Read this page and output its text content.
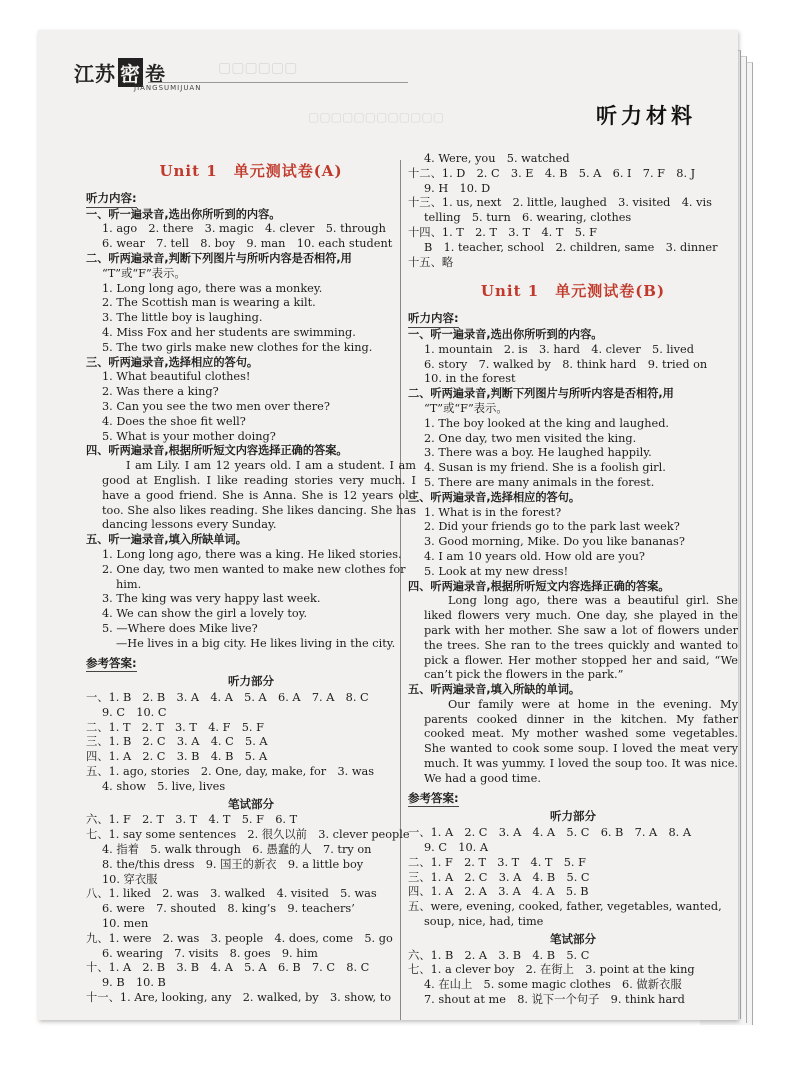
▢▢▢▢▢▢
▢▢▢▢▢▢▢▢▢▢▢▢
江苏 密 卷
JIANGSUMIJUAN
听力材料
Unit 1　单元测试卷(A)
听力内容:
一、听一遍录音,选出你所听到的内容。
1. ago　2. there　3. magic　4. clever　5. through
6. wear　7. tell　8. boy　9. man　10. each student
二、听两遍录音,判断下列图片与所听内容是否相符,用
“T”或“F”表示。
1. Long long ago, there was a monkey.
2. The Scottish man is wearing a kilt.
3. The little boy is laughing.
4. Miss Fox and her students are swimming.
5. The two girls make new clothes for the king.
三、听两遍录音,选择相应的答句。
1. What beautiful clothes!
2. Was there a king?
3. Can you see the two men over there?
4. Does the shoe fit well?
5. What is your mother doing?
四、听两遍录音,根据所听短文内容选择正确的答案。
I am Lily. I am 12 years old. I am a student. I am good at English. I like reading stories very much. I have a good friend. She is Anna. She is 12 years old too. She also likes reading. She likes dancing. She has dancing lessons every Sunday.
五、听一遍录音,填入所缺单词。
1. Long long ago, there was a king. He liked stories.
2. One day, two men wanted to make new clothes for
him.
3. The king was very happy last week.
4. We can show the girl a lovely toy.
5. —Where does Mike live?
—He lives in a big city. He likes living in the city.
参考答案:
听力部分
一、1. B　2. B　3. A　4. A　5. A　6. A　7. A　8. C
9. C　10. C
二、1. T　2. T　3. T　4. F　5. F
三、1. B　2. C　3. A　4. C　5. A
四、1. A　2. C　3. B　4. B　5. A
五、1. ago, stories　2. One, day, make, for　3. was
4. show　5. live, lives
笔试部分
六、1. F　2. T　3. T　4. T　5. F　6. T
七、1. say some sentences　2. 很久以前　3. clever people
4. 指着　5. walk through　6. 愚蠢的人　7. try on
8. the/this dress　9. 国王的新衣　9. a little boy
10. 穿衣服
八、1. liked　2. was　3. walked　4. visited　5. was
6. were　7. shouted　8. king’s　9. teachers’
10. men
九、1. were　2. was　3. people　4. does, come　5. go
6. wearing　7. visits　8. goes　9. him
十、1. A　2. B　3. B　4. A　5. A　6. B　7. C　8. C
9. B　10. B
十一、1. Are, looking, any　2. walked, by　3. show, to
4. Were, you　5. watched
十二、1. D　2. C　3. E　4. B　5. A　6. I　7. F　8. J
9. H　10. D
十三、1. us, next　2. little, laughed　3. visited　4. vis
telling　5. turn　6. wearing, clothes
十四、1. T　2. T　3. T　4. T　5. F
B　1. teacher, school　2. children, same　3. dinner
十五、略
Unit 1　单元测试卷(B)
听力内容:
一、听一遍录音,选出你所听到的内容。
1. mountain　2. is　3. hard　4. clever　5. lived
6. story　7. walked by　8. think hard　9. tried on
10. in the forest
二、听两遍录音,判断下列图片与所听内容是否相符,用
“T”或“F”表示。
1. The boy looked at the king and laughed.
2. One day, two men visited the king.
3. There was a boy. He laughed happily.
4. Susan is my friend. She is a foolish girl.
5. There are many animals in the forest.
三、听两遍录音,选择相应的答句。
1. What is in the forest?
2. Did your friends go to the park last week?
3. Good morning, Mike. Do you like bananas?
4. I am 10 years old. How old are you?
5. Look at my new dress!
四、听两遍录音,根据所听短文内容选择正确的答案。
Long long ago, there was a beautiful girl. She liked flowers very much. One day, she played in the park with her mother. She saw a lot of flowers under the trees. She ran to the trees quickly and wanted to pick a flower. Her mother stopped her and said, “We can’t pick the flowers in the park.”
五、听两遍录音,填入所缺的单词。
Our family were at home in the evening. My parents cooked dinner in the kitchen. My father cooked meat. My mother washed some vegetables. She wanted to cook some soup. I loved the meat very much. It was yummy. I loved the soup too. It was nice. We had a good time.
参考答案:
听力部分
一、1. A　2. C　3. A　4. A　5. C　6. B　7. A　8. A
9. C　10. A
二、1. F　2. T　3. T　4. T　5. F
三、1. A　2. C　3. A　4. B　5. C
四、1. A　2. A　3. A　4. A　5. B
五、were, evening, cooked, father, vegetables, wanted,
soup, nice, had, time
笔试部分
六、1. B　2. A　3. B　4. B　5. C
七、1. a clever boy　2. 在街上　3. point at the king
4. 在山上　5. some magic clothes　6. 做新衣服
7. shout at me　8. 说下一个句子　9. think hard
